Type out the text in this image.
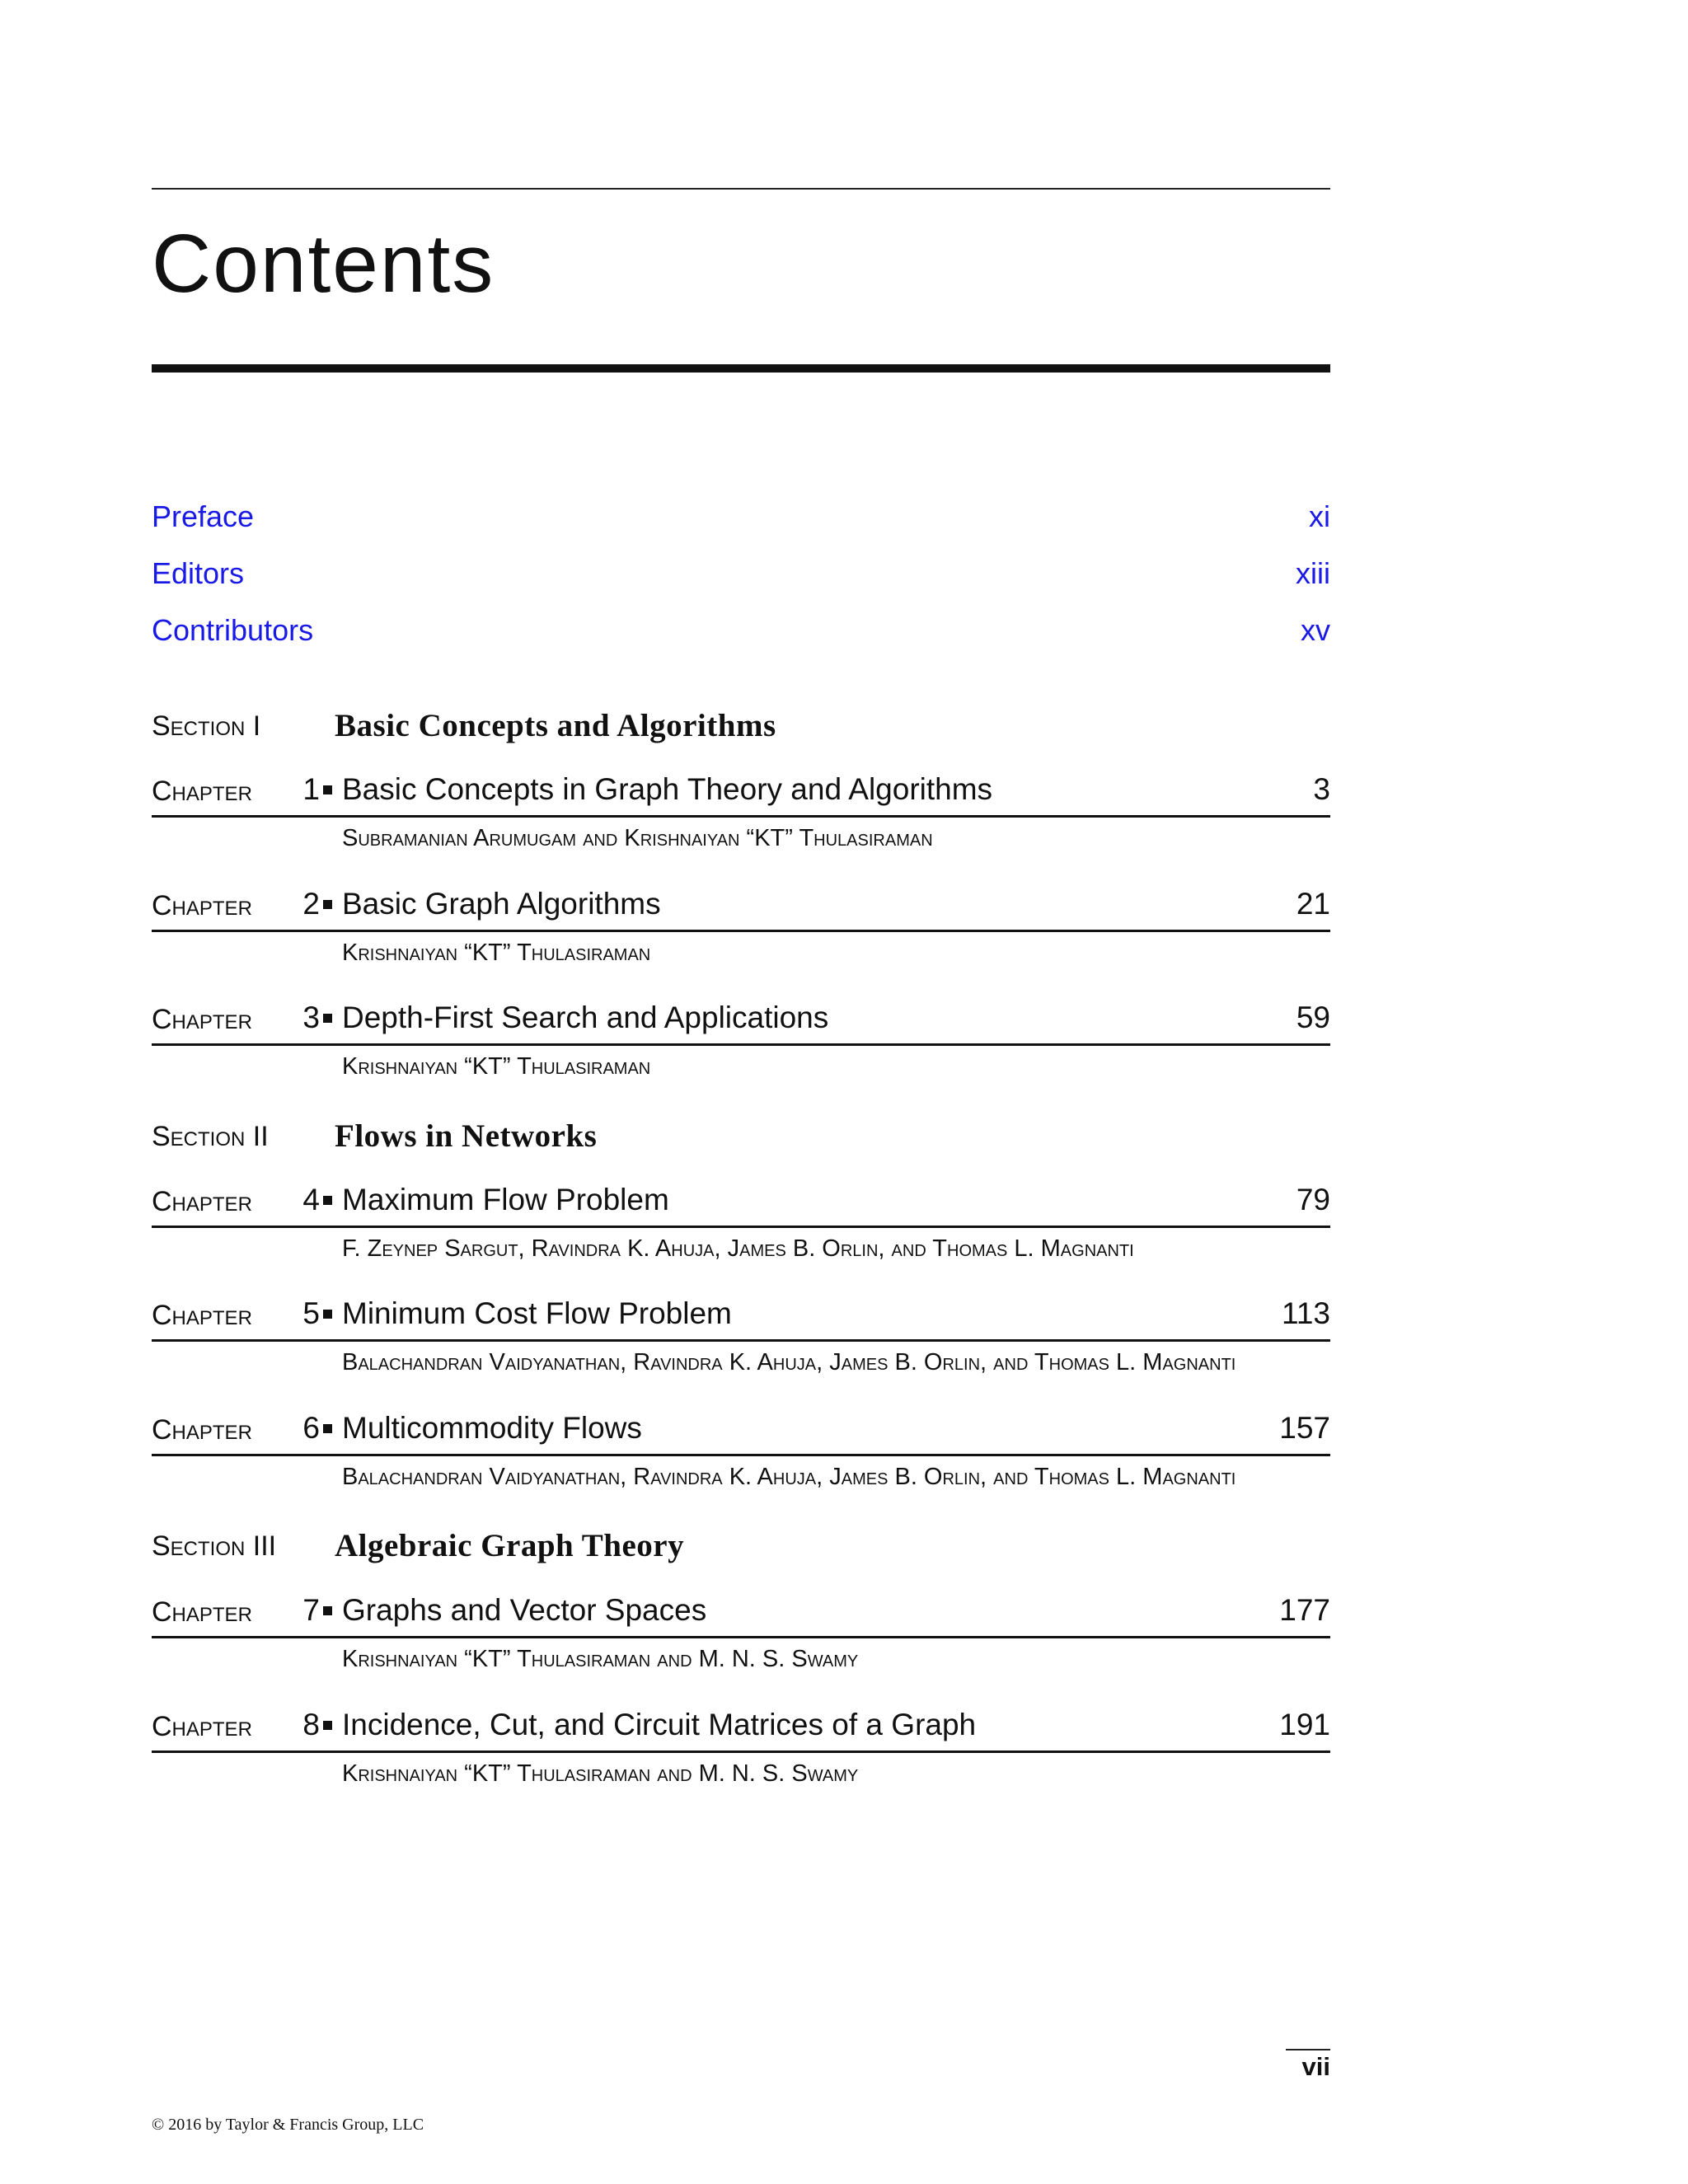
Contents
Preface	xi
Editors	xiii
Contributors	xv
Section I Basic Concepts and Algorithms
Chapter 1 Basic Concepts in Graph Theory and Algorithms	3
Subramanian Arumugam and Krishnaiyan “KT” Thulasiraman
Chapter 2 Basic Graph Algorithms	21
Krishnaiyan “KT” Thulasiraman
Chapter 3 Depth-First Search and Applications	59
Krishnaiyan “KT” Thulasiraman
Section II Flows in Networks
Chapter 4 Maximum Flow Problem	79
F. Zeynep Sargut, Ravindra K. Ahuja, James B. Orlin, and Thomas L. Magnanti
Chapter 5 Minimum Cost Flow Problem	113
Balachandran Vaidyanathan, Ravindra K. Ahuja, James B. Orlin, and Thomas L. Magnanti
Chapter 6 Multicommodity Flows	157
Balachandran Vaidyanathan, Ravindra K. Ahuja, James B. Orlin, and Thomas L. Magnanti
Section III Algebraic Graph Theory
Chapter 7 Graphs and Vector Spaces	177
Krishnaiyan “KT” Thulasiraman and M. N. S. Swamy
Chapter 8 Incidence, Cut, and Circuit Matrices of a Graph	191
Krishnaiyan “KT” Thulasiraman and M. N. S. Swamy
vii
© 2016 by Taylor & Francis Group, LLC
